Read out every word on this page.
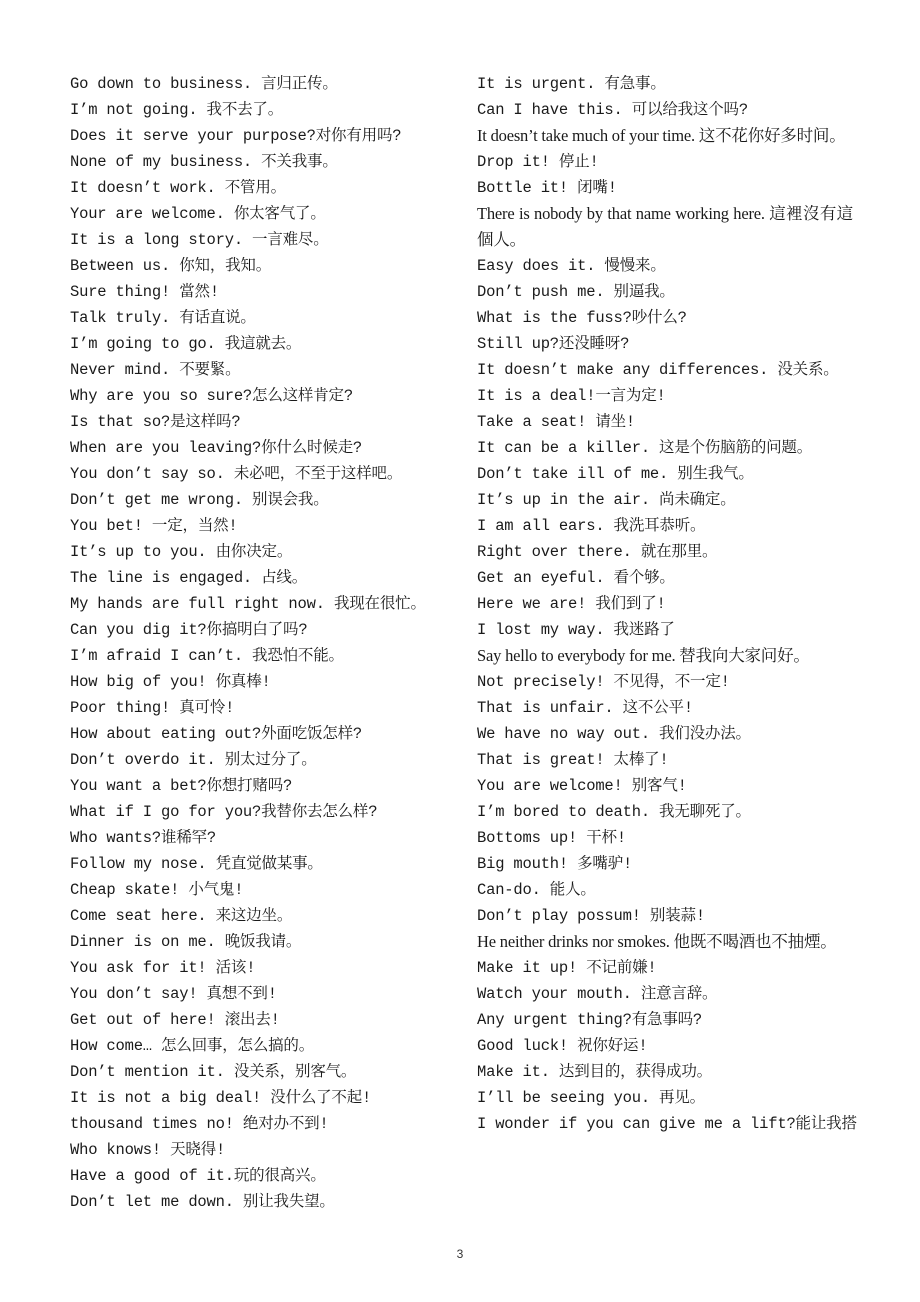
Go down to business. 言归正传。
I’m not going. 我不去了。
Does it serve your purpose?对你有用吗?
None of my business. 不关我事。
It doesn’t work. 不管用。
Your are welcome. 你太客气了。
It is a long story. 一言难尽。
Between us. 你知，我知。
Sure thing! 當然!
Talk truly. 有话直说。
I’m going to go. 我這就去。
Never mind. 不要緊。
Why are you so sure?怎么这样肯定?
Is that so?是这样吗?
When are you leaving?你什么时候走?
You don’t say so. 未必吧，不至于这样吧。
Don’t get me wrong. 别误会我。
You bet! 一定，当然!
It’s up to you. 由你决定。
The line is engaged. 占线。
My hands are full right now. 我现在很忙。
Can you dig it?你搞明白了吗?
I’m afraid I can’t. 我恐怕不能。
How big of you! 你真棒!
Poor thing! 真可怜!
How about eating out?外面吃饭怎样?
Don’t overdo it. 别太过分了。
You want a bet?你想打赌吗?
What if I go for you?我替你去怎么样?
Who wants?谁稀罕?
Follow my nose. 凭直觉做某事。
Cheap skate! 小气鬼!
Come seat here. 来这边坐。
Dinner is on me. 晚饭我请。
You ask for it! 活该!
You don’t say! 真想不到!
Get out of here! 滚出去!
How come… 怎么回事，怎么搞的。
Don’t mention it. 没关系，别客气。
It is not a big deal! 没什么了不起!
thousand times no! 绝对办不到!
Who knows! 天晓得!
Have a good of it.玩的很高兴。
Don’t let me down. 别让我失望。
It is urgent. 有急事。
Can I have this. 可以给我这个吗?
It doesn’t take much of your time. 这不花你好多时间。
Drop it! 停止!
Bottle it! 闭嘴!
There is nobody by that name working here. 這裡沒有這個人。
Easy does it. 慢慢来。
Don’t push me. 别逼我。
What is the fuss?吵什么?
Still up?还没睡呀?
It doesn’t make any differences. 没关系。
It is a deal!一言为定!
Take a seat! 请坐!
It can be a killer. 这是个伤脑筋的问题。
Don’t take ill of me. 别生我气。
It’s up in the air. 尚未确定。
I am all ears. 我洗耳恭听。
Right over there. 就在那里。
Get an eyeful. 看个够。
Here we are! 我们到了!
I lost my way. 我迷路了
Say hello to everybody for me. 替我向大家问好。
Not precisely! 不见得，不一定!
That is unfair. 这不公平!
We have no way out. 我们没办法。
That is great! 太棒了!
You are welcome! 别客气!
I’m bored to death. 我无聊死了。
Bottoms up! 干杯!
Big mouth! 多嘴驴!
Can-do. 能人。
Don’t play possum! 别装蒜!
He neither drinks nor smokes. 他既不喝酒也不抽煙。
Make it up! 不记前嫌!
Watch your mouth. 注意言辞。
Any urgent thing?有急事吗?
Good luck! 祝你好运!
Make it. 达到目的，获得成功。
I’ll be seeing you. 再见。
I wonder if you can give me a lift?能让我搭
3
